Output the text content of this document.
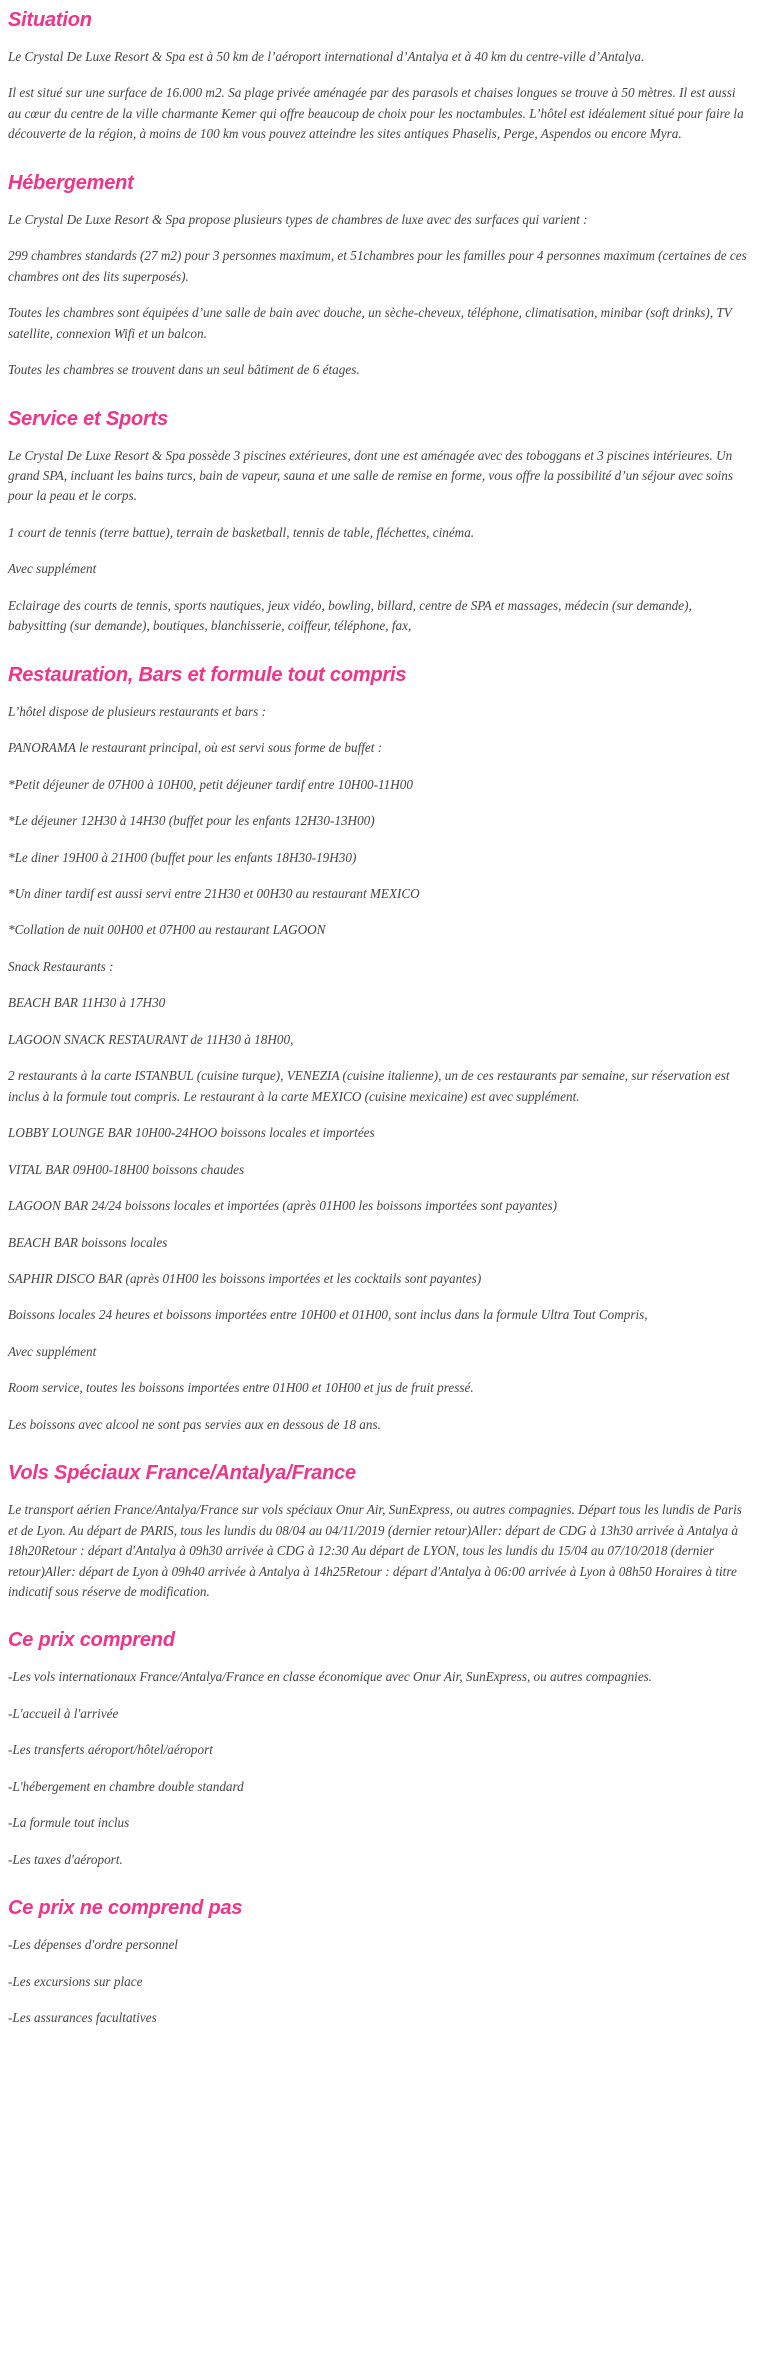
Situation

Le Crystal De Luxe Resort & Spa est à 50 km de l’aéroport international d’Antalya et à 40 km du centre-ville d’Antalya.

Il est situé sur une surface de 16.000 m2. Sa plage privée aménagée par des parasols et chaises longues se trouve à 50 mètres. Il est aussi au cœur du centre de la ville charmante Kemer qui offre beaucoup de choix pour les noctambules. L’hôtel est idéalement situé pour faire la découverte de la région, à moins de 100 km vous pouvez atteindre les sites antiques Phaselis, Perge, Aspendos ou encore Myra.

Hébergement

Le Crystal De Luxe Resort & Spa propose plusieurs types de chambres de luxe avec des surfaces qui varient :

299 chambres standards (27 m2) pour 3 personnes maximum, et 51chambres pour les familles pour 4 personnes maximum (certaines de ces chambres ont des lits superposés).

Toutes les chambres sont équipées d’une salle de bain avec douche, un sèche-cheveux, téléphone, climatisation, minibar (soft drinks), TV satellite, connexion Wifi et un balcon.

Toutes les chambres se trouvent dans un seul bâtiment de 6 étages.

Service et Sports

Le Crystal De Luxe Resort & Spa possède 3 piscines extérieures, dont une est aménagée avec des toboggans et 3 piscines intérieures. Un grand SPA, incluant les bains turcs, bain de vapeur, sauna et une salle de remise en forme, vous offre la possibilité d’un séjour avec soins pour la peau et le corps.

1 court de tennis (terre battue), terrain de basketball, tennis de table, fléchettes, cinéma.

Avec supplément

Eclairage des courts de tennis, sports nautiques, jeux vidéo, bowling, billard, centre de SPA et massages, médecin (sur demande), babysitting (sur demande), boutiques, blanchisserie, coiffeur, téléphone, fax,

Restauration, Bars et formule tout compris

L’hôtel dispose de plusieurs restaurants et bars :

PANORAMA le restaurant principal, où est servi sous forme de buffet :

*Petit déjeuner de 07H00 à 10H00, petit déjeuner tardif entre 10H00-11H00

*Le déjeuner 12H30 à 14H30 (buffet pour les enfants 12H30-13H00)

*Le diner 19H00 à 21H00 (buffet pour les enfants 18H30-19H30)

*Un diner tardif est aussi servi entre 21H30 et 00H30 au restaurant MEXICO

*Collation de nuit 00H00 et 07H00 au restaurant LAGOON

Snack Restaurants :

BEACH BAR 11H30 à 17H30

LAGOON SNACK RESTAURANT de 11H30 à 18H00,

2 restaurants à la carte ISTANBUL (cuisine turque), VENEZIA (cuisine italienne), un de ces restaurants par semaine, sur réservation est inclus à la formule tout compris. Le restaurant à la carte MEXICO (cuisine mexicaine) est avec supplément.

LOBBY LOUNGE BAR 10H00-24HOO boissons locales et importées

VITAL BAR 09H00-18H00 boissons chaudes

LAGOON BAR 24/24 boissons locales et importées (après 01H00 les boissons importées sont payantes)

BEACH BAR boissons locales

SAPHIR DISCO BAR (après 01H00 les boissons importées et les cocktails sont payantes)

Boissons locales 24 heures et boissons importées entre 10H00 et 01H00, sont inclus dans la formule Ultra Tout Compris,

Avec supplément

Room service, toutes les boissons importées entre 01H00 et 10H00 et jus de fruit pressé.

Les boissons avec alcool ne sont pas servies aux en dessous de 18 ans.

Vols Spéciaux France/Antalya/France

Le transport aérien France/Antalya/France sur vols spéciaux Onur Air, SunExpress, ou autres compagnies. Départ tous les lundis de Paris et de Lyon. Au départ de PARIS, tous les lundis du 08/04 au 04/11/2019 (dernier retour)Aller: départ de CDG à 13h30 arrivée à Antalya à 18h20Retour : départ d'Antalya à 09h30 arrivée à CDG à 12:30 Au départ de LYON, tous les lundis du 15/04 au 07/10/2018 (dernier retour)Aller: départ de Lyon à 09h40 arrivée à Antalya à 14h25Retour : départ d'Antalya à 06:00 arrivée à Lyon à 08h50 Horaires à titre indicatif sous réserve de modification.

Ce prix comprend

-Les vols internationaux France/Antalya/France en classe économique avec Onur Air, SunExpress, ou autres compagnies.

-L'accueil à l'arrivée

-Les transferts aéroport/hôtel/aéroport

-L'hébergement en chambre double standard

-La formule tout inclus

-Les taxes d'aéroport.

Ce prix ne comprend pas

-Les dépenses d'ordre personnel

-Les excursions sur place

-Les assurances facultatives
